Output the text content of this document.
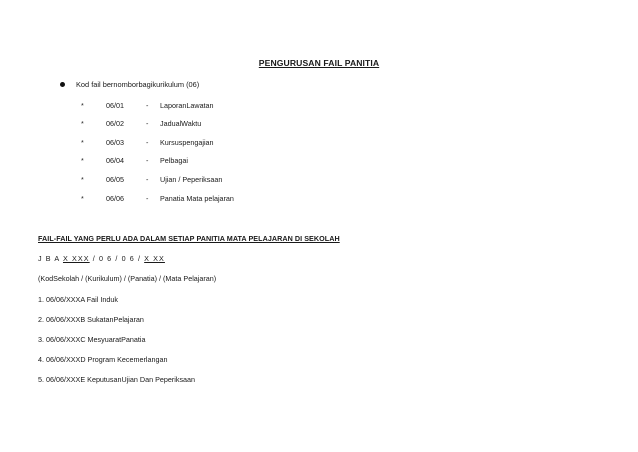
PENGURUSAN FAIL PANITIA
Kod fail bernomborbagikurikulum (06)
*	06/01	- LaporanLawatan
*	06/02	- JadualWaktu
*	06/03	- Kursuspengajian
*	06/04	- Pelbagai
*	06/05	- Ujian / Peperiksaan
*	06/06	- Panatia Mata pelajaran
FAIL-FAIL YANG PERLU ADA DALAM SETIAP PANITIA MATA PELAJARAN DI SEKOLAH
J B A X XXX / 0 6 / 0 6 / X XX
(KodSekolah / (Kurikulum) / (Panatia) / (Mata Pelajaran)
1. 06/06/XXXA Fail Induk
2. 06/06/XXXB SukatanPelajaran
3. 06/06/XXXC MesyuaratPanatia
4. 06/06/XXXD Program Kecemerlangan
5. 06/06/XXXE KeputusanUjian Dan Peperiksaan
